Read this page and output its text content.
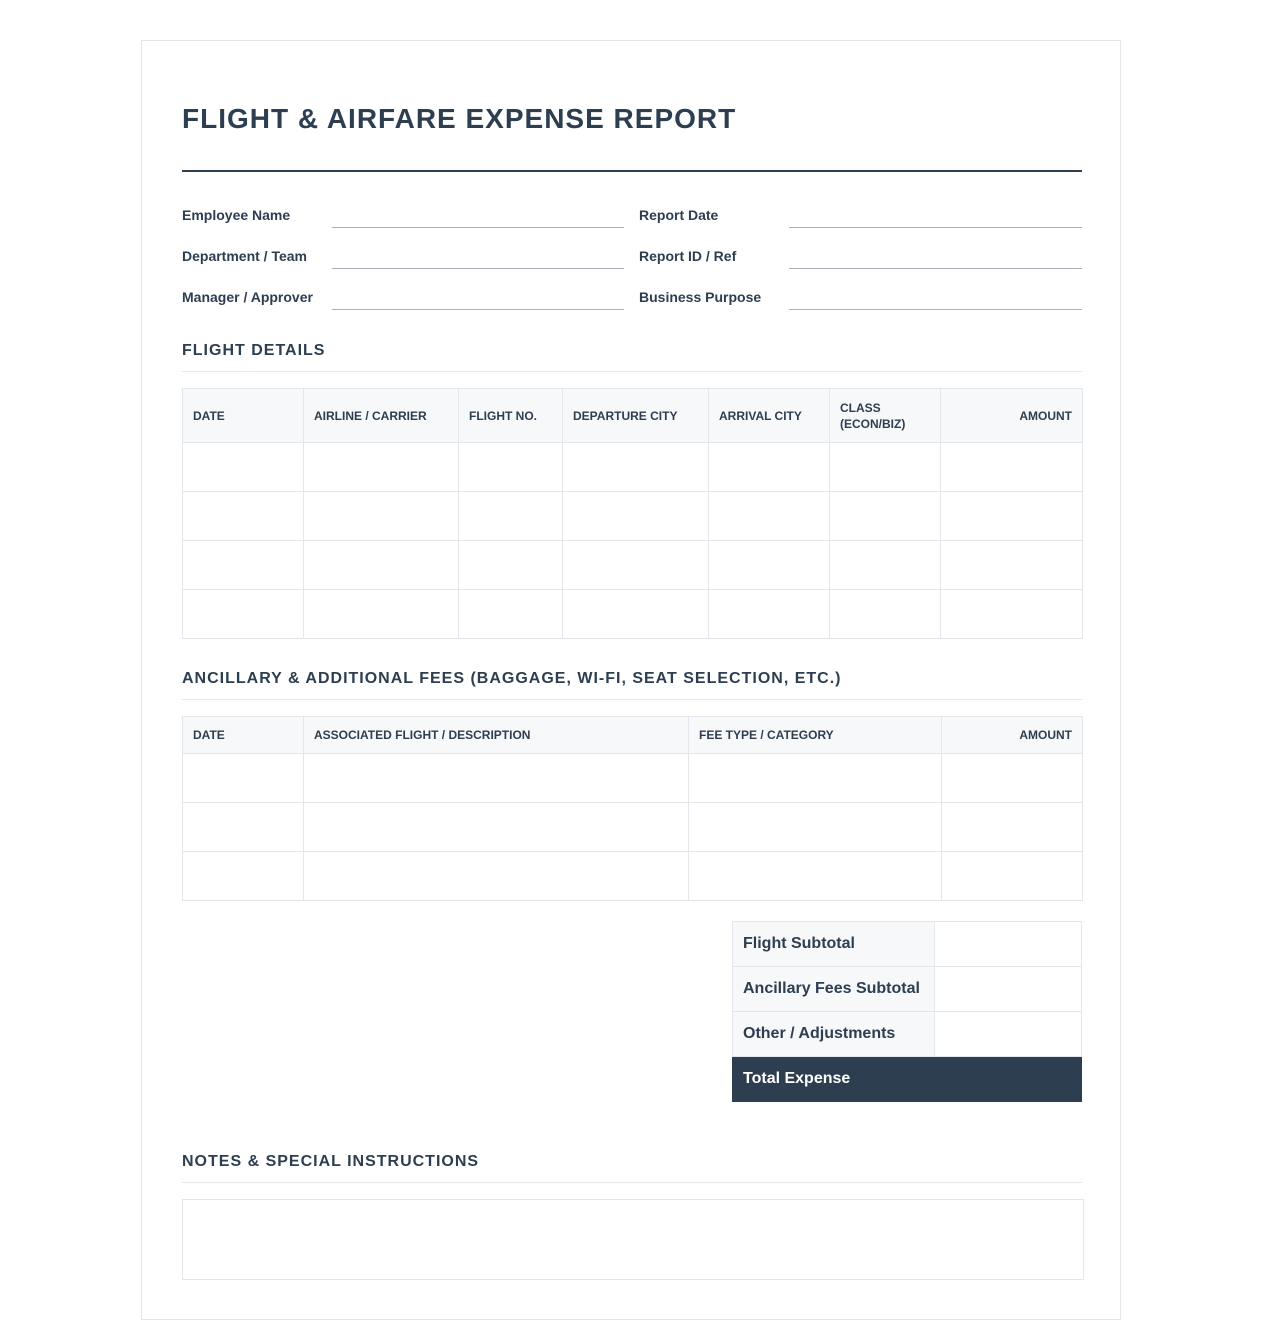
FLIGHT & AIRFARE EXPENSE REPORT
Employee Name	Report Date
Department / Team	Report ID / Ref
Manager / Approver	Business Purpose
FLIGHT DETAILS
DATE	AIRLINE / CARRIER	FLIGHT NO.	DEPARTURE CITY	ARRIVAL CITY	CLASS (ECON/BIZ)	AMOUNT

ANCILLARY & ADDITIONAL FEES (BAGGAGE, WI-FI, SEAT SELECTION, ETC.)
DATE	ASSOCIATED FLIGHT / DESCRIPTION	FEE TYPE / CATEGORY	AMOUNT

Flight Subtotal	
Ancillary Fees Subtotal	
Other / Adjustments	
Total Expense	
NOTES & SPECIAL INSTRUCTIONS
